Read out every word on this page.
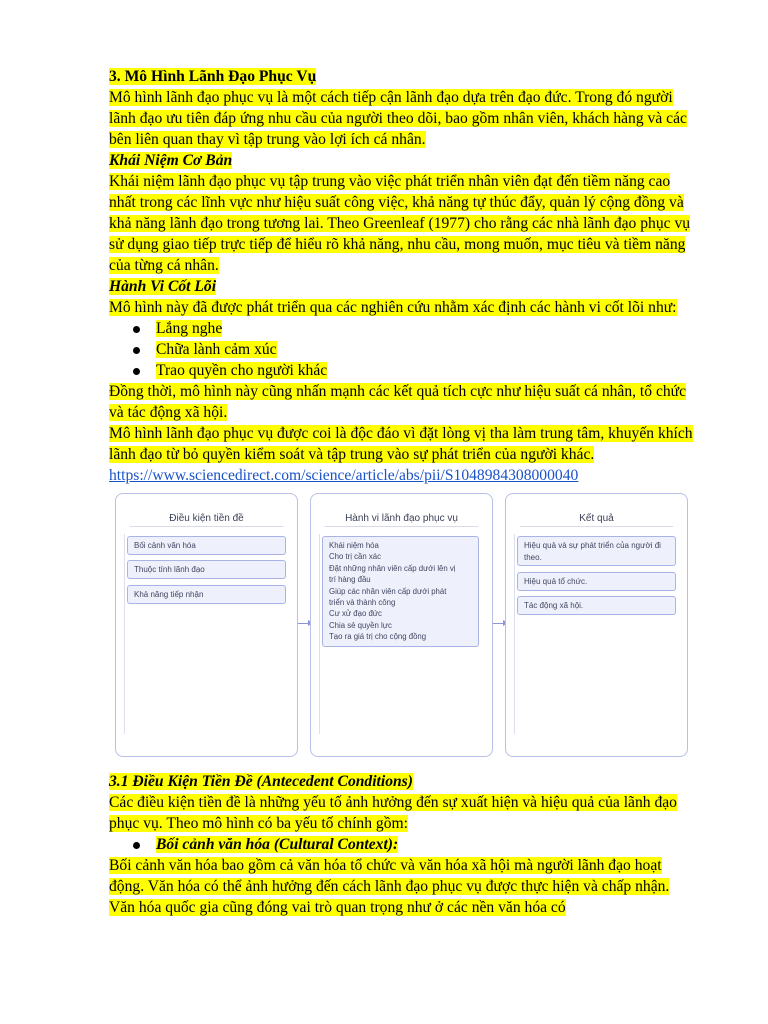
3. Mô Hình Lãnh Đạo Phục Vụ

Mô hình lãnh đạo phục vụ là một cách tiếp cận lãnh đạo dựa trên đạo đức. Trong đó người lãnh đạo ưu tiên đáp ứng nhu cầu của người theo dõi, bao gồm nhân viên, khách hàng và các bên liên quan thay vì tập trung vào lợi ích cá nhân.

Khái Niệm Cơ Bản

Khái niệm lãnh đạo phục vụ tập trung vào việc phát triển nhân viên đạt đến tiềm năng cao nhất trong các lĩnh vực như hiệu suất công việc, khả năng tự thúc đẩy, quản lý cộng đồng và khả năng lãnh đạo trong tương lai. Theo Greenleaf (1977) cho rằng các nhà lãnh đạo phục vụ sử dụng giao tiếp trực tiếp để hiểu rõ khả năng, nhu cầu, mong muốn, mục tiêu và tiềm năng của từng cá nhân.

Hành Vi Cốt Lõi

Mô hình này đã được phát triển qua các nghiên cứu nhằm xác định các hành vi cốt lõi như:

Lắng nghe
Chữa lành cảm xúc
Trao quyền cho người khác

Đồng thời, mô hình này cũng nhấn mạnh các kết quả tích cực như hiệu suất cá nhân, tổ chức và tác động xã hội.

Mô hình lãnh đạo phục vụ được coi là độc đáo vì đặt lòng vị tha làm trung tâm, khuyến khích lãnh đạo từ bỏ quyền kiểm soát và tập trung vào sự phát triển của người khác.

https://www.sciencedirect.com/science/article/abs/pii/S1048984308000040

Điều kiện tiền đề
Bối cảnh văn hóa
Thuộc tính lãnh đạo
Khả năng tiếp nhận
Hành vi lãnh đạo phục vụ
Khái niệm hóa
Cho trị cần xác
Đặt những nhân viên cấp dưới lên vị
trí hàng đầu
Giúp các nhân viên cấp dưới phát
triển và thành công
Cư xử đạo đức
Chia sẻ quyền lực
Tạo ra giá trị cho cộng đồng
Kết quả
Hiệu quả và sự phát triển của người đi
theo.
Hiệu quả tổ chức.
Tác động xã hội.

3.1 Điều Kiện Tiền Đề (Antecedent Conditions)

Các điều kiện tiền đề là những yếu tố ảnh hưởng đến sự xuất hiện và hiệu quả của lãnh đạo phục vụ. Theo mô hình có ba yếu tố chính gồm:

Bối cảnh văn hóa (Cultural Context):

Bối cảnh văn hóa bao gồm cả văn hóa tổ chức và văn hóa xã hội mà người lãnh đạo hoạt động. Văn hóa có thể ảnh hưởng đến cách lãnh đạo phục vụ được thực hiện và chấp nhận. Văn hóa quốc gia cũng đóng vai trò quan trọng như ở các nền văn hóa có
